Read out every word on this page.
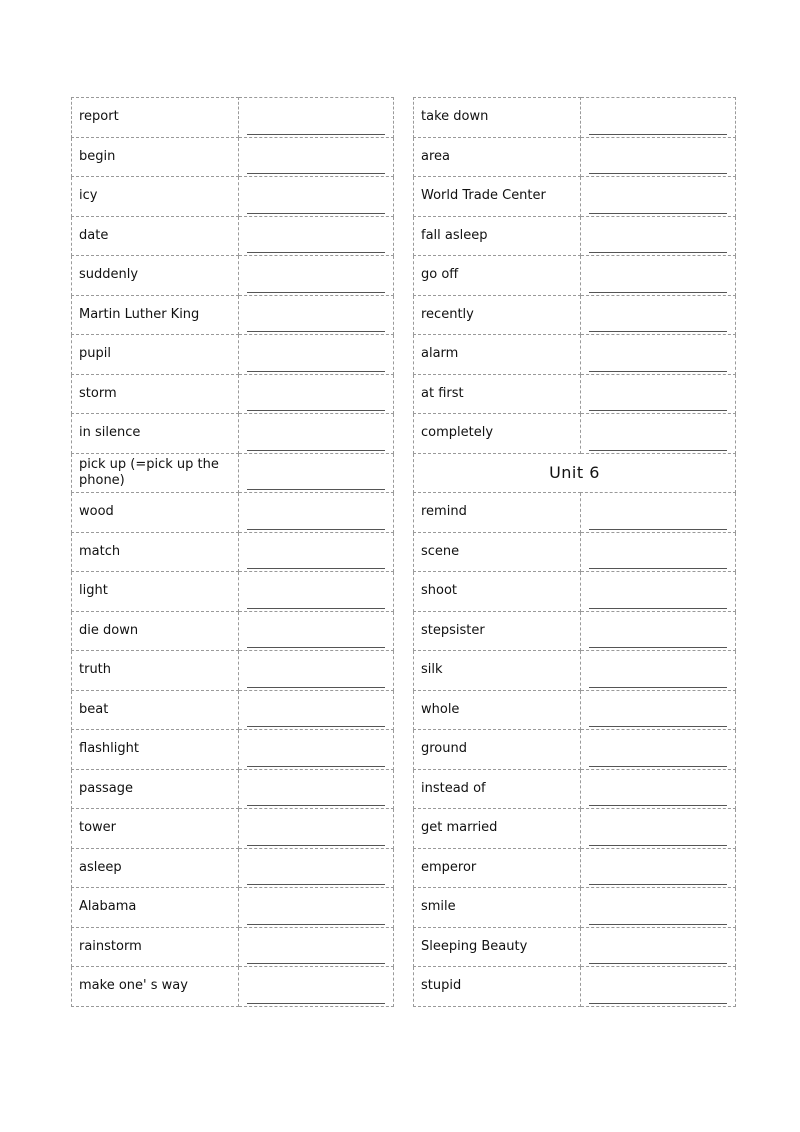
report	
begin	
icy	
date	
suddenly	
Martin Luther King	
pupil	
storm	
in silence	
pick up (=pick up the phone)	
wood	
match	
light	
die down	
truth	
beat	
flashlight	
passage	
tower	
asleep	
Alabama	
rainstorm	
make one' s way	
take down	
area	
World Trade Center	
fall asleep	
go off	
recently	
alarm	
at first	
completely	
Unit 6	
remind	
scene	
shoot	
stepsister	
silk	
whole	
ground	
instead of	
get married	
emperor	
smile	
Sleeping Beauty	
stupid	
